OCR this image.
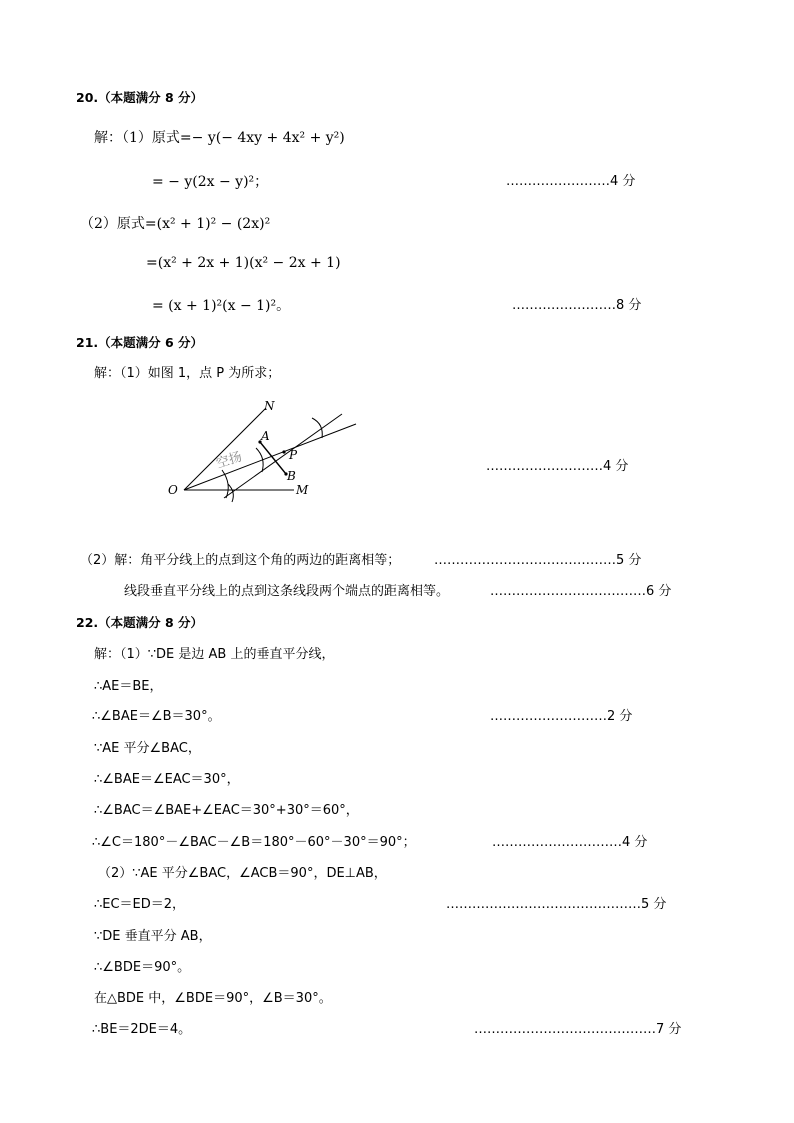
20.（本题满分 8 分）
解：（1）原式=− y(− 4xy + 4x² + y²)
= − y(2x − y)²；	……………………4 分
（2）原式=(x² + 1)² − (2x)²
=(x² + 2x + 1)(x² − 2x + 1)
= (x + 1)²(x − 1)²。	……………………8 分
21.（本题满分 6 分）
解：（1）如图 1，点 P 为所求；
空扬
N
A
P
B
O	M
………………………4 分
（2）解：角平分线上的点到这个角的两边的距离相等；	……………………………………5 分
线段垂直平分线上的点到这条线段两个端点的距离相等。	………………………………6 分
22.（本题满分 8 分）
解：（1）∵DE 是边 AB 上的垂直平分线，
∴AE＝BE，
∴∠BAE＝∠B＝30°。	………………………2 分
∵AE 平分∠BAC，
∴∠BAE＝∠EAC＝30°，
∴∠BAC＝∠BAE+∠EAC＝30°+30°＝60°，
∴∠C＝180°－∠BAC－∠B＝180°－60°－30°＝90°；	…………………………4 分
（2）∵AE 平分∠BAC，∠ACB＝90°，DE⊥AB，
∴EC＝ED＝2，	………………………………………5 分
∵DE 垂直平分 AB，
∴∠BDE＝90°。
在△BDE 中，∠BDE＝90°，∠B＝30°。
∴BE＝2DE＝4。	……………………………………7 分
